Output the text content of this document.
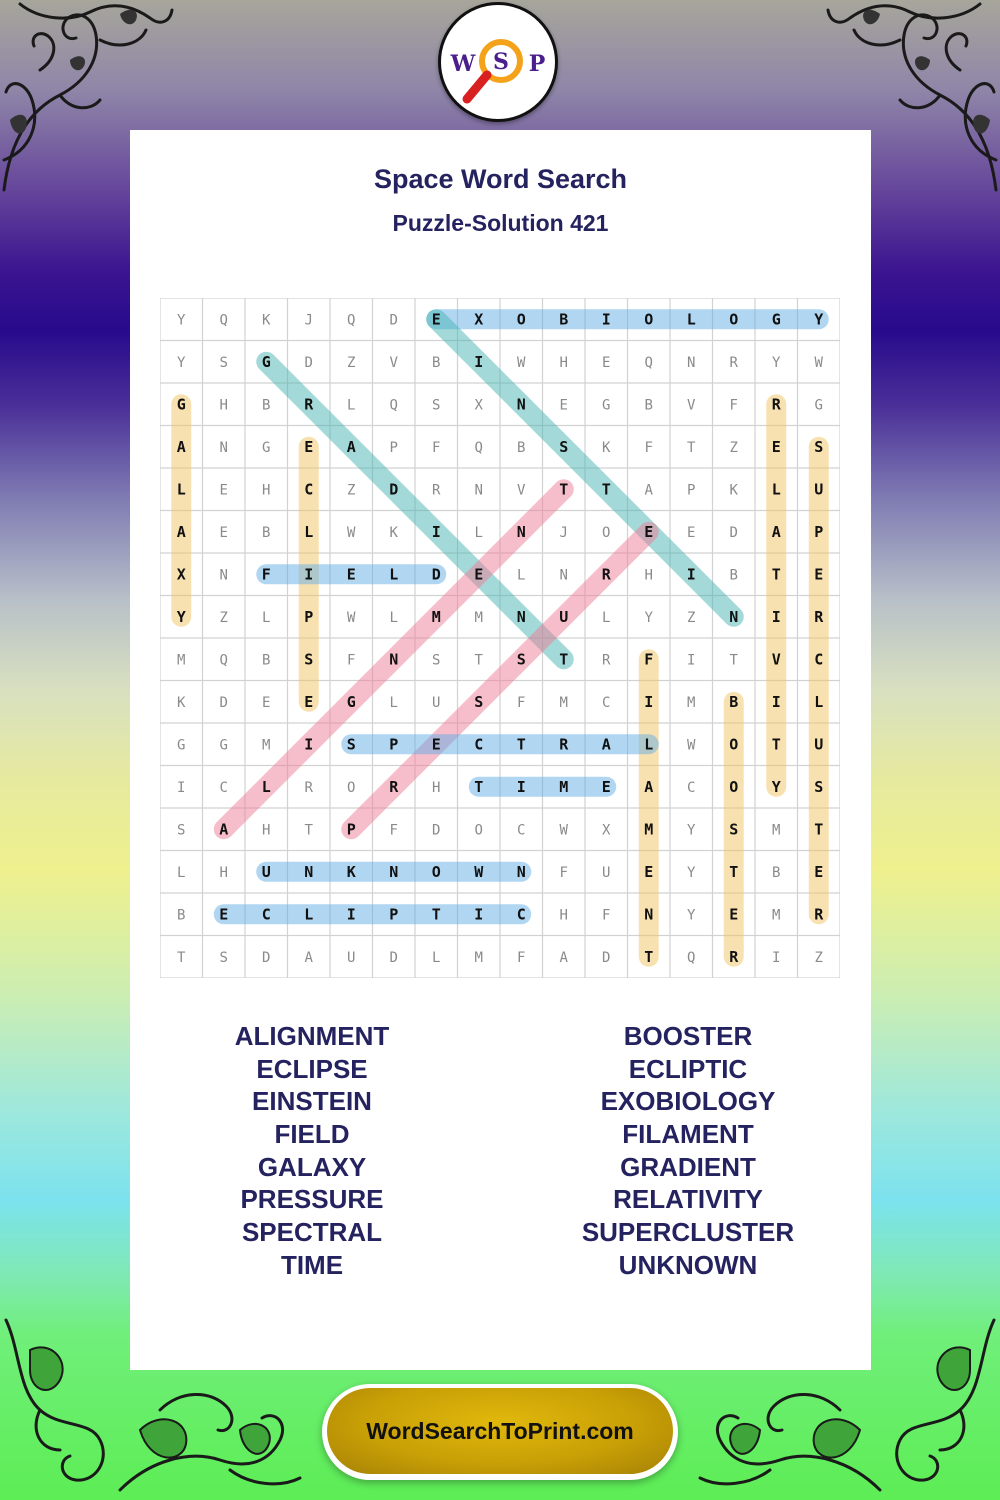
W S P
Space Word Search
Puzzle-Solution 421
Y Q K J Q D E X O B I O L O G Y
Y S G D Z V B I W H E Q N R Y W
G H B R L Q S X N E G B V F R G
A N G E A P F Q B S K F T Z E S
L E H C Z D R N V T T A P K L U
A E B L W K I L N J O E E D A P
X N F I E L D E L N R H I B T E
Y Z L P W L M M N U L Y Z N I R
M Q B S F N S T S T R F I T V C
K D E E G L U S F M C I M B I L
G G M I S P E C T R A L W O T U
I C L R O R H T I M E A C O Y S
S A H T P F D O C W X M Y S M T
L H U N K N O W N F U E Y T B E
B E C L I P T I C H F N Y E M R
T S D A U D L M F A D T Q R I Z
ALIGNMENT
ECLIPSE
EINSTEIN
FIELD
GALAXY
PRESSURE
SPECTRAL
TIME
BOOSTER
ECLIPTIC
EXOBIOLOGY
FILAMENT
GRADIENT
RELATIVITY
SUPERCLUSTER
UNKNOWN
WordSearchToPrint.com
